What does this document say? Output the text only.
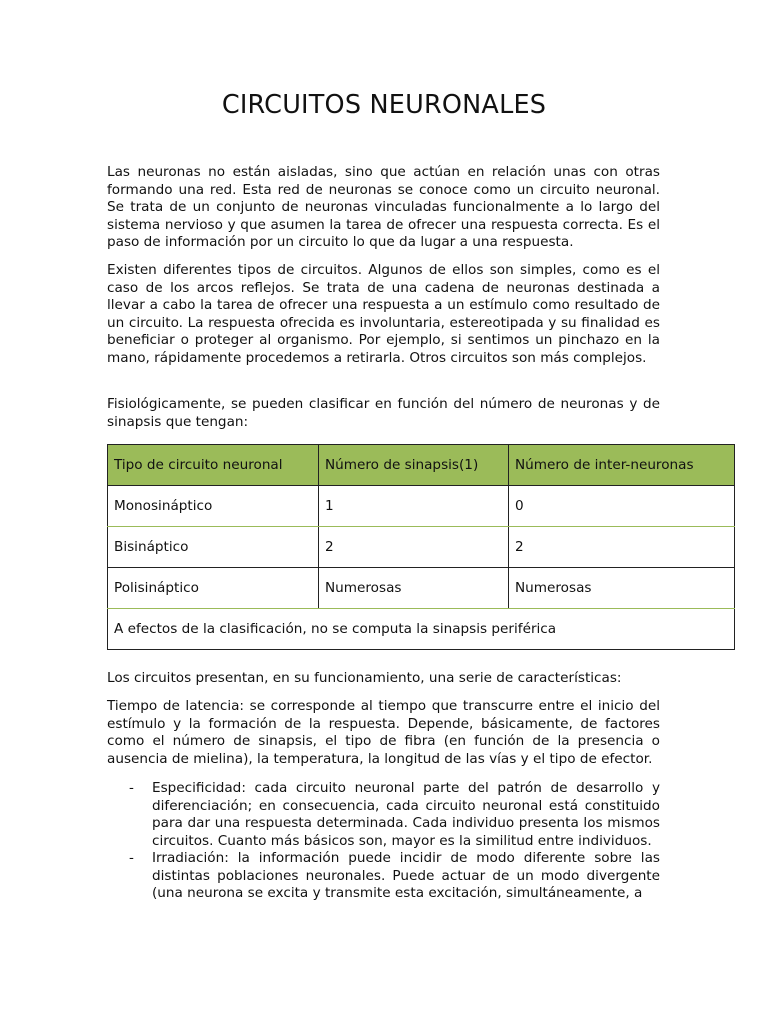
CIRCUITOS NEURONALES

Las neuronas no están aisladas, sino que actúan en relación unas con otras formando una red. Esta red de neuronas se conoce como un circuito neuronal. Se trata de un conjunto de neuronas vinculadas funcionalmente a lo largo del sistema nervioso y que asumen la tarea de ofrecer una respuesta correcta. Es el paso de información por un circuito lo que da lugar a una respuesta.

Existen diferentes tipos de circuitos. Algunos de ellos son simples, como es el caso de los arcos reflejos. Se trata de una cadena de neuronas destinada a llevar a cabo la tarea de ofrecer una respuesta a un estímulo como resultado de un circuito. La respuesta ofrecida es involuntaria, estereotipada y su finalidad es beneficiar o proteger al organismo. Por ejemplo, si sentimos un pinchazo en la mano, rápidamente procedemos a retirarla. Otros circuitos son más complejos.

Fisiológicamente, se pueden clasificar en función del número de neuronas y de sinapsis que tengan:

Tipo de circuito neuronal	Número de sinapsis(1)	Número de inter-neuronas
Monosináptico	1	0
Bisináptico	2	2
Polisináptico	Numerosas	Numerosas
A efectos de la clasificación, no se computa la sinapsis periférica		

Los circuitos presentan, en su funcionamiento, una serie de características:

Tiempo de latencia: se corresponde al tiempo que transcurre entre el inicio del estímulo y la formación de la respuesta. Depende, básicamente, de factores como el número de sinapsis, el tipo de fibra (en función de la presencia o ausencia de mielina), la temperatura, la longitud de las vías y el tipo de efector.

- Especificidad: cada circuito neuronal parte del patrón de desarrollo y diferenciación; en consecuencia, cada circuito neuronal está constituido para dar una respuesta determinada. Cada individuo presenta los mismos circuitos. Cuanto más básicos son, mayor es la similitud entre individuos.
- Irradiación: la información puede incidir de modo diferente sobre las distintas poblaciones neuronales. Puede actuar de un modo divergente (una neurona se excita y transmite esta excitación, simultáneamente, a
